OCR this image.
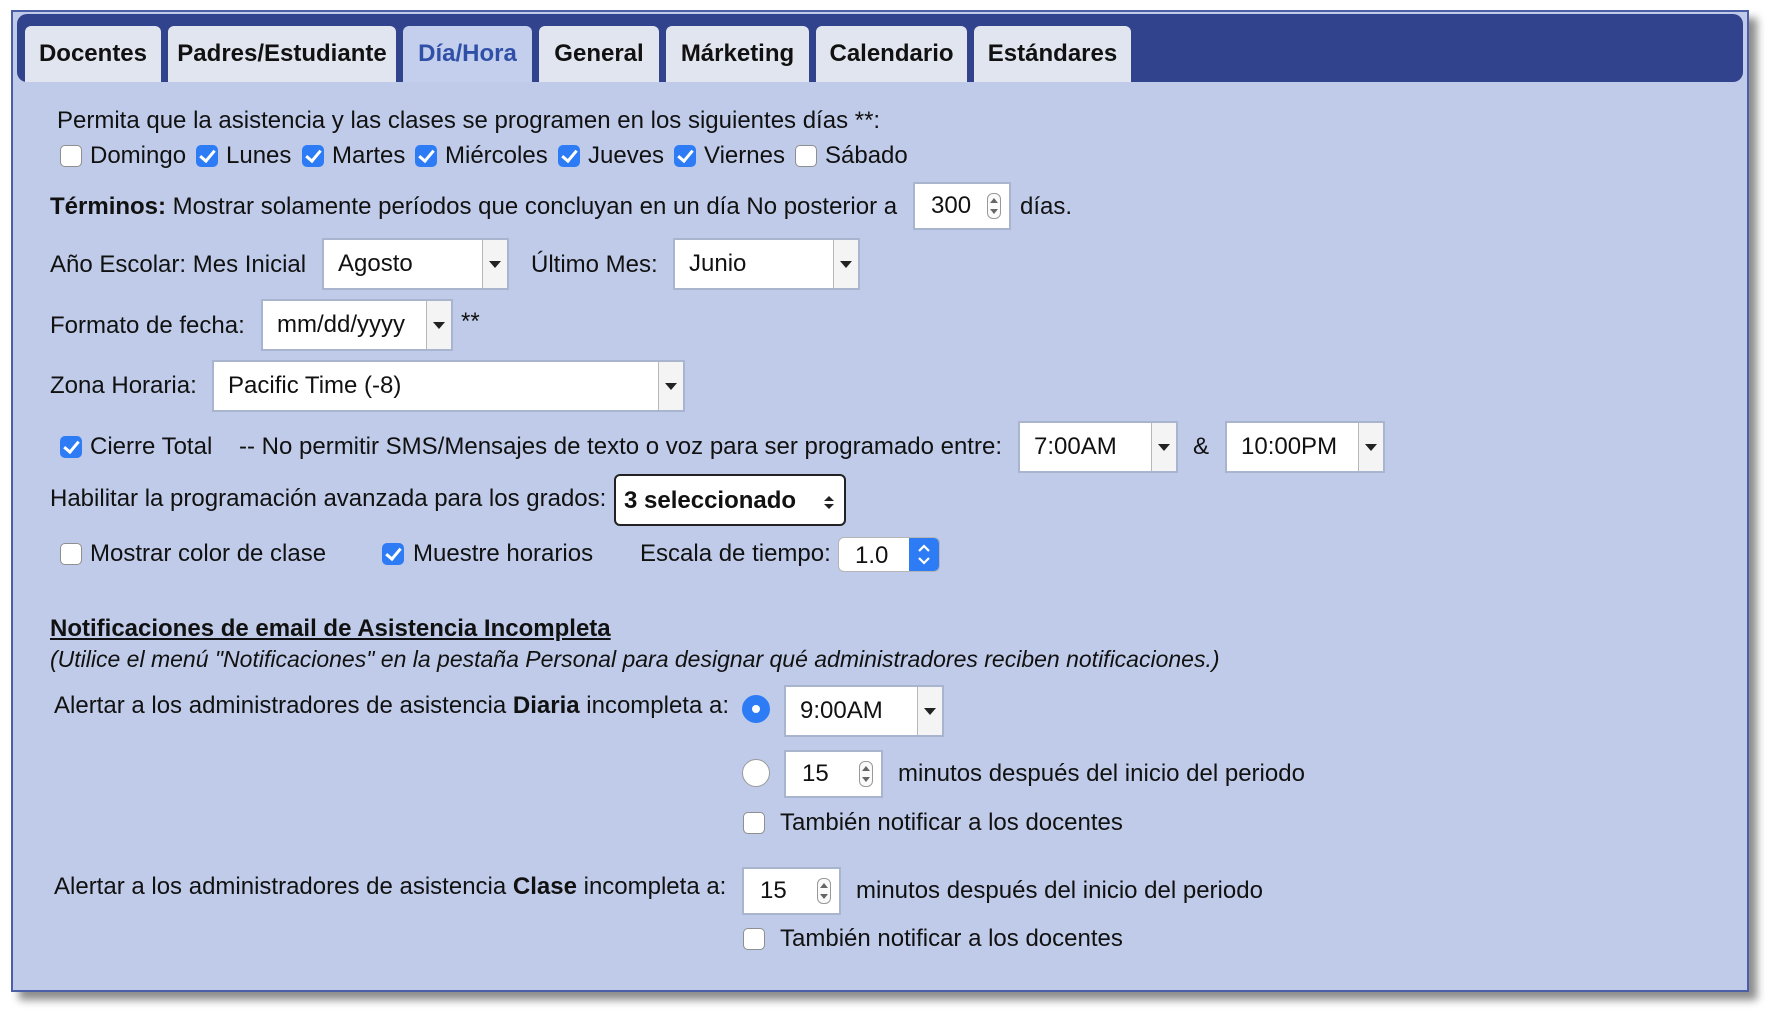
Docentes	Padres/Estudiante	Día/Hora	General	Márketing	Calendario	Estándares
Permita que la asistencia y las clases se programen en los siguientes días **:
Domingo Lunes Martes Miércoles Jueves Viernes Sábado
Términos: Mostrar solamente períodos que concluyan en un día No posterior a 300 días.
Año Escolar: Mes Inicial Agosto	Último Mes: Junio
Formato de fecha: mm/dd/yyyy **
Zona Horaria: Pacific Time (-8)
Cierre Total -- No permitir SMS/Mensajes de texto o voz para ser programado entre: 7:00AM	& 10:00PM
Habilitar la programación avanzada para los grados: 3 seleccionado
Mostrar color de clase	Muestre horarios Escala de tiempo: 1.0
Notificaciones de email de Asistencia Incompleta
(Utilice el menú "Notificaciones" en la pestaña Personal para designar qué administradores reciben notificaciones.)
Alertar a los administradores de asistencia Diaria incompleta a:	9:00AM
15	minutos después del inicio del periodo
También notificar a los docentes
Alertar a los administradores de asistencia Clase incompleta a: 15	minutos después del inicio del periodo
También notificar a los docentes
